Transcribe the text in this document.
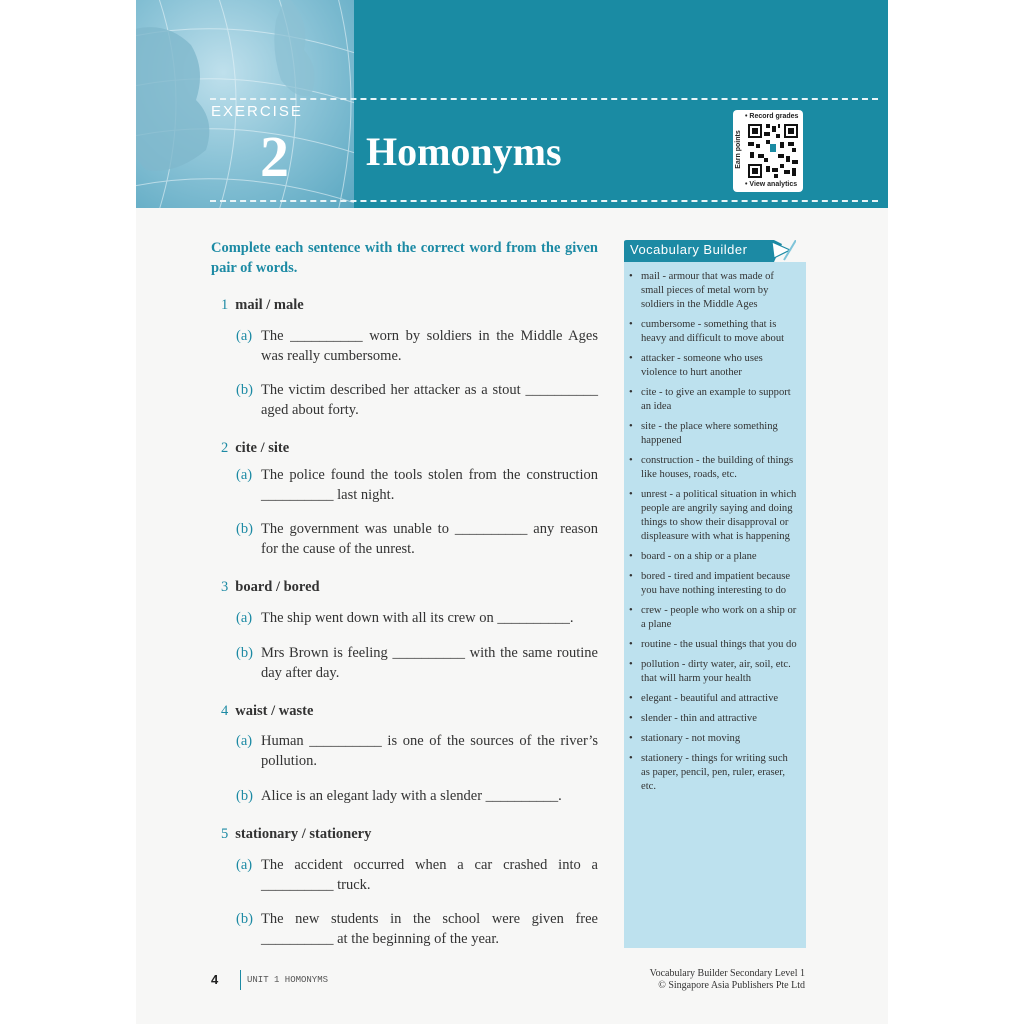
EXERCISE
2 Homonyms
• Record grades
Earn points
• View analytics
Complete each sentence with the correct word from the given pair of words.
1 mail / male
(a) The __________ worn by soldiers in the Middle Ages was really cumbersome.
(b) The victim described her attacker as a stout __________ aged about forty.
2 cite / site
(a) The police found the tools stolen from the construction __________ last night.
(b) The government was unable to __________ any reason for the cause of the unrest.
3 board / bored
(a) The ship went down with all its crew on __________.
(b) Mrs Brown is feeling __________ with the same routine day after day.
4 waist / waste
(a) Human __________ is one of the sources of the river’s pollution.
(b) Alice is an elegant lady with a slender __________.
5 stationary / stationery
(a) The accident occurred when a car crashed into a __________ truck.
(b) The new students in the school were given free __________ at the beginning of the year.
Vocabulary Builder
• mail - armour that was made of small pieces of metal worn by soldiers in the Middle Ages
• cumbersome - something that is heavy and difficult to move about
• attacker - someone who uses violence to hurt another
• cite - to give an example to support an idea
• site - the place where something happened
• construction - the building of things like houses, roads, etc.
• unrest - a political situation in which people are angrily saying and doing things to show their disapproval or displeasure with what is happening
• board - on a ship or a plane
• bored - tired and impatient because you have nothing interesting to do
• crew - people who work on a ship or a plane
• routine - the usual things that you do
• pollution - dirty water, air, soil, etc. that will harm your health
• elegant - beautiful and attractive
• slender - thin and attractive
• stationary - not moving
• stationery - things for writing such as paper, pencil, pen, ruler, eraser, etc.
4	UNIT 1 HOMONYMS
Vocabulary Builder Secondary Level 1
© Singapore Asia Publishers Pte Ltd
